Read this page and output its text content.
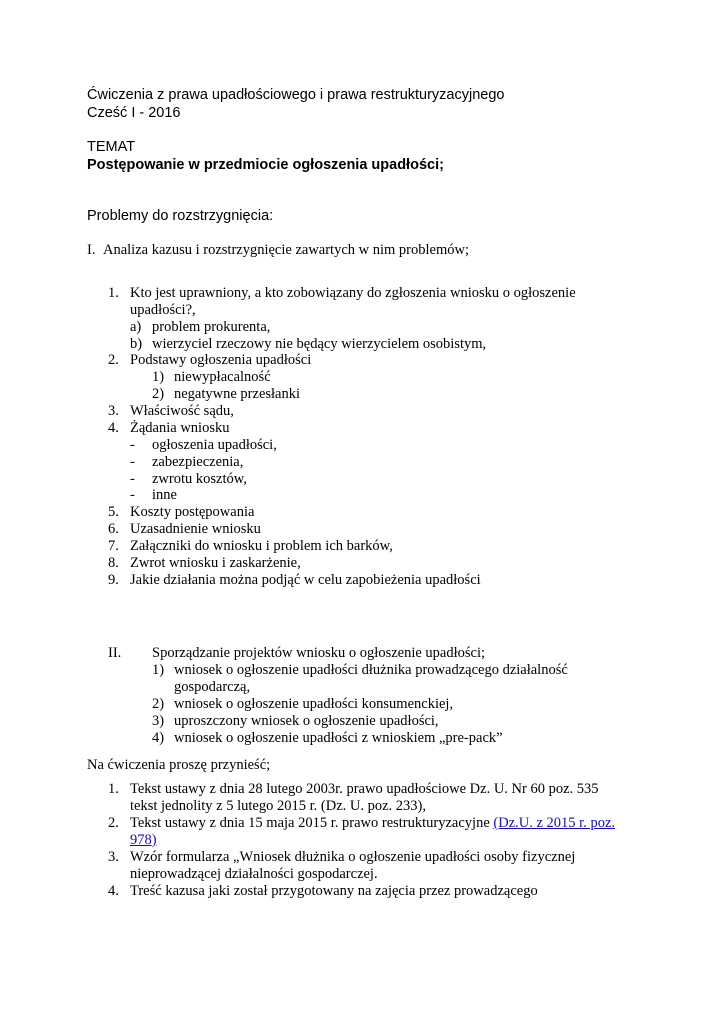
Ćwiczenia z prawa upadłościowego i prawa restrukturyzacyjnego
Cześć I - 2016
TEMAT
Postępowanie w przedmiocie ogłoszenia upadłości;
Problemy do rozstrzygnięcia:
I. Analiza kazusu i rozstrzygnięcie zawartych w nim problemów;
1. Kto jest uprawniony, a kto zobowiązany do zgłoszenia wniosku o ogłoszenie
upadłości?,
a) problem prokurenta,
b) wierzyciel rzeczowy nie będący wierzycielem osobistym,
2. Podstawy ogłoszenia upadłości
1) niewypłacalność
2) negatywne przesłanki
3. Właściwość sądu,
4. Żądania wniosku
- ogłoszenia upadłości,
- zabezpieczenia,
- zwrotu kosztów,
- inne
5. Koszty postępowania
6. Uzasadnienie wniosku
7. Załączniki do wniosku i problem ich barków,
8. Zwrot wniosku i zaskarżenie,
9. Jakie działania można podjąć w celu zapobieżenia upadłości
II. Sporządzanie projektów wniosku o ogłoszenie upadłości;
1) wniosek o ogłoszenie upadłości dłużnika prowadzącego działalność
gospodarczą,
2) wniosek o ogłoszenie upadłości konsumenckiej,
3) uproszczony wniosek o ogłoszenie upadłości,
4) wniosek o ogłoszenie upadłości z wnioskiem „pre-pack”
Na ćwiczenia proszę przynieść;
1. Tekst ustawy z dnia 28 lutego 2003r. prawo upadłościowe Dz. U. Nr 60 poz. 535
tekst jednolity z 5 lutego 2015 r. (Dz. U. poz. 233),
2. Tekst ustawy z dnia 15 maja 2015 r. prawo restrukturyzacyjne (Dz.U. z 2015 r. poz.
978)
3. Wzór formularza „Wniosek dłużnika o ogłoszenie upadłości osoby fizycznej
nieprowadzącej działalności gospodarczej.
4. Treść kazusa jaki został przygotowany na zajęcia przez prowadzącego
